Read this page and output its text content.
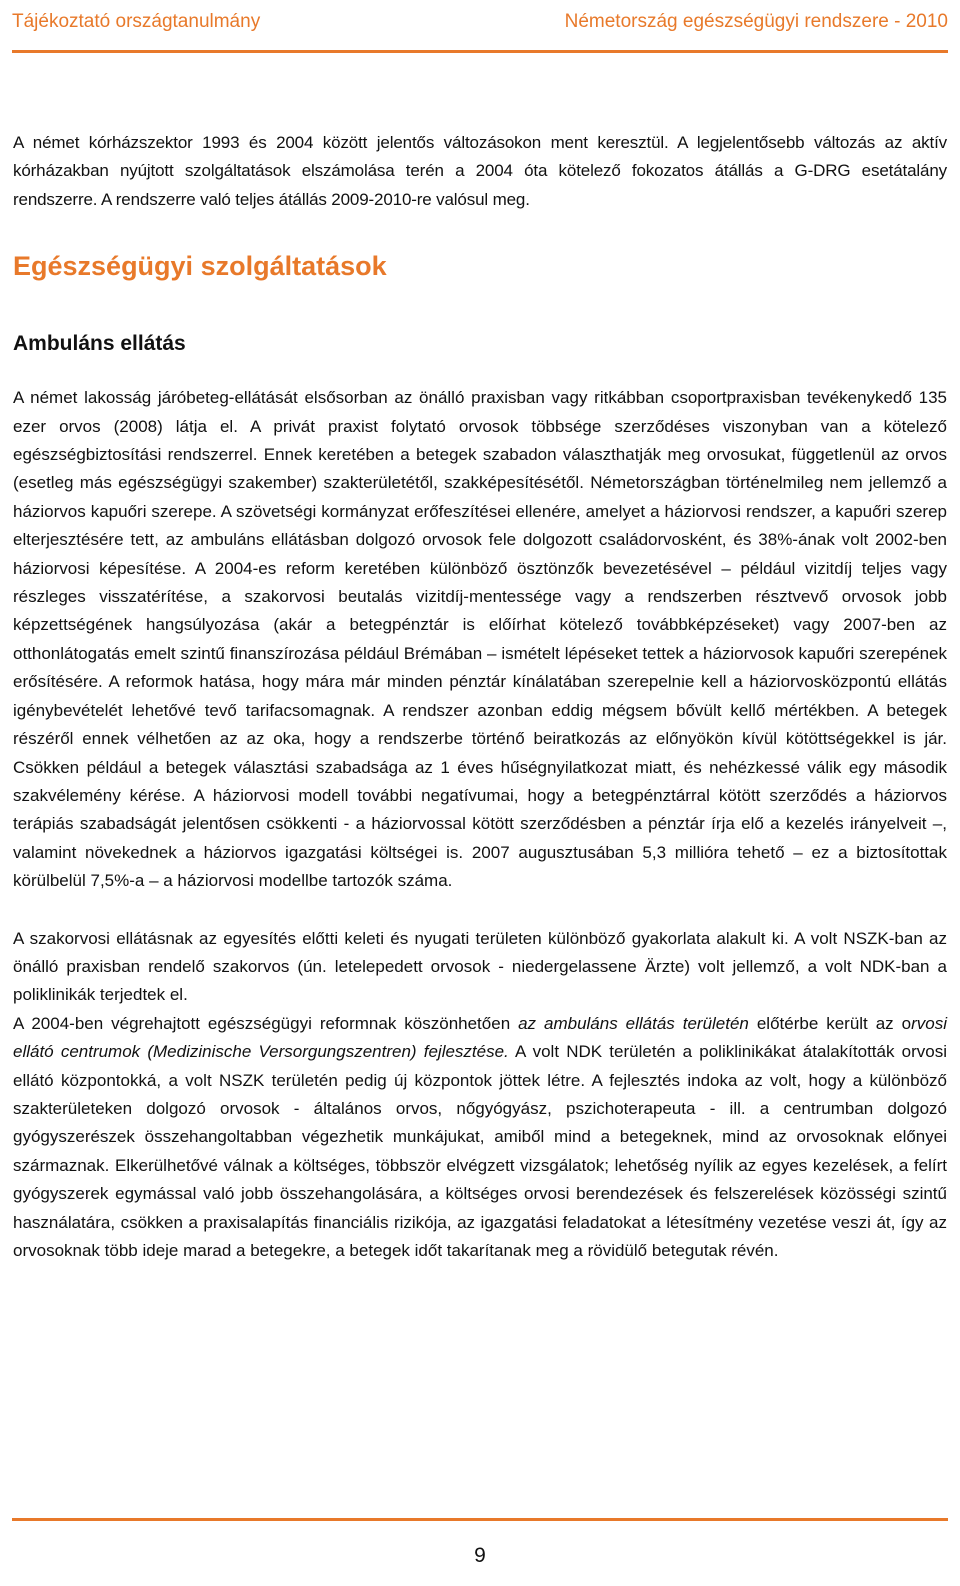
Tájékoztató országtanulmány	Németország egészségügyi rendszere - 2010

A német kórházszektor 1993 és 2004 között jelentős változásokon ment keresztül. A legjelentősebb változás az aktív kórházakban nyújtott szolgáltatások elszámolása terén a 2004 óta kötelező fokozatos átállás a G-DRG esetátalány rendszerre. A rendszerre való teljes átállás 2009-2010-re valósul meg.

Egészségügyi szolgáltatások
Ambuláns ellátás

A német lakosság járóbeteg-ellátását elsősorban az önálló praxisban vagy ritkábban csoportpraxisban tevékenykedő 135 ezer orvos (2008) látja el. A privát praxist folytató orvosok többsége szerződéses viszonyban van a kötelező egészségbiztosítási rendszerrel. Ennek keretében a betegek szabadon választhatják meg orvosukat, függetlenül az orvos (esetleg más egészségügyi szakember) szakterületétől, szakképesítésétől. Németországban történelmileg nem jellemző a háziorvos kapuőri szerepe. A szövetségi kormányzat erőfeszítései ellenére, amelyet a háziorvosi rendszer, a kapuőri szerep elterjesztésére tett, az ambuláns ellátásban dolgozó orvosok fele dolgozott családorvosként, és 38%-ának volt 2002-ben háziorvosi képesítése. A 2004-es reform keretében különböző ösztönzők bevezetésével – például vizitdíj teljes vagy részleges visszatérítése, a szakorvosi beutalás vizitdíj-mentessége vagy a rendszerben résztvevő orvosok jobb képzettségének hangsúlyozása (akár a betegpénztár is előírhat kötelező továbbképzéseket) vagy 2007-ben az otthonlátogatás emelt szintű finanszírozása például Brémában – ismételt lépéseket tettek a háziorvosok kapuőri szerepének erősítésére. A reformok hatása, hogy mára már minden pénztár kínálatában szerepelnie kell a háziorvosközpontú ellátás igénybevételét lehetővé tevő tarifacsomagnak. A rendszer azonban eddig mégsem bővült kellő mértékben. A betegek részéről ennek vélhetően az az oka, hogy a rendszerbe történő beiratkozás az előnyökön kívül kötöttségekkel is jár. Csökken például a betegek választási szabadsága az 1 éves hűségnyilatkozat miatt, és nehézkessé válik egy második szakvélemény kérése. A háziorvosi modell további negatívumai, hogy a betegpénztárral kötött szerződés a háziorvos terápiás szabadságát jelentősen csökkenti - a háziorvossal kötött szerződésben a pénztár írja elő a kezelés irányelveit –, valamint növekednek a háziorvos igazgatási költségei is. 2007 augusztusában 5,3 millióra tehető – ez a biztosítottak körülbelül 7,5%-a – a háziorvosi modellbe tartozók száma.

A szakorvosi ellátásnak az egyesítés előtti keleti és nyugati területen különböző gyakorlata alakult ki. A volt NSZK-ban az önálló praxisban rendelő szakorvos (ún. letelepedett orvosok - niedergelassene Ärzte) volt jellemző, a volt NDK-ban a poliklinikák terjedtek el.

A 2004-ben végrehajtott egészségügyi reformnak köszönhetően az ambuláns ellátás területén előtérbe került az orvosi ellátó centrumok (Medizinische Versorgungszentren) fejlesztése. A volt NDK területén a poliklinikákat átalakították orvosi ellátó központokká, a volt NSZK területén pedig új központok jöttek létre. A fejlesztés indoka az volt, hogy a különböző szakterületeken dolgozó orvosok - általános orvos, nőgyógyász, pszichoterapeuta - ill. a centrumban dolgozó gyógyszerészek összehangoltabban végezhetik munkájukat, amiből mind a betegeknek, mind az orvosoknak előnyei származnak. Elkerülhetővé válnak a költséges, többször elvégzett vizsgálatok; lehetőség nyílik az egyes kezelések, a felírt gyógyszerek egymással való jobb összehangolására, a költséges orvosi berendezések és felszerelések közösségi szintű használatára, csökken a praxisalapítás financiális rizikója, az igazgatási feladatokat a létesítmény vezetése veszi át, így az orvosoknak több ideje marad a betegekre, a betegek időt takarítanak meg a rövidülő betegutak révén.

9
